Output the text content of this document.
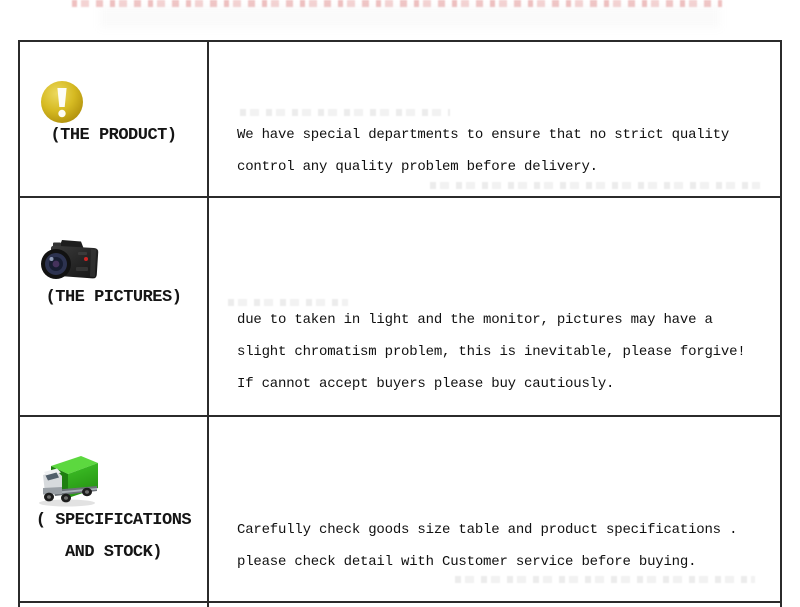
(THE PRODUCT)	We have special departments to ensure that no strict quality
control any quality problem before delivery.
(THE PICTURES)
due to taken in light and the monitor, pictures may have a
slight chromatism problem, this is inevitable, please forgive!
If cannot accept buyers please buy cautiously.
( SPECIFICATIONS
AND STOCK)
Carefully check goods size table and product specifications .
please check detail with Customer service before buying.
